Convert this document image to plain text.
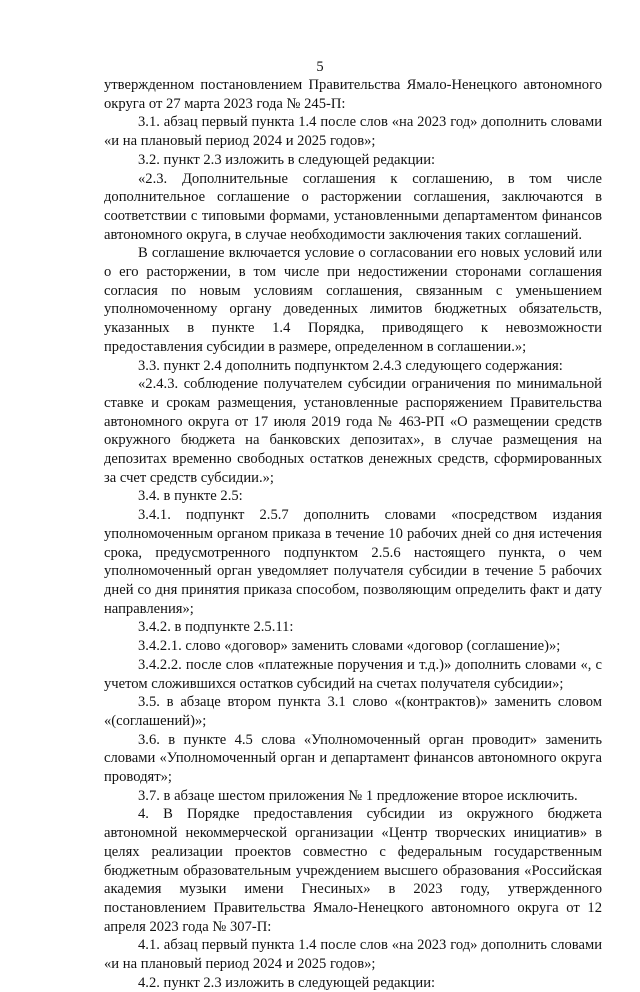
5

утвержденном постановлением Правительства Ямало-Ненецкого автономного округа от 27 марта 2023 года № 245-П:

3.1. абзац первый пункта 1.4 после слов «на 2023 год» дополнить словами «и на плановый период 2024 и 2025 годов»;

3.2. пункт 2.3 изложить в следующей редакции:

«2.3. Дополнительные соглашения к соглашению, в том числе дополнительное соглашение о расторжении соглашения, заключаются в соответствии с типовыми формами, установленными департаментом финансов автономного округа, в случае необходимости заключения таких соглашений.

В соглашение включается условие о согласовании его новых условий или о его расторжении, в том числе при недостижении сторонами соглашения согласия по новым условиям соглашения, связанным с уменьшением уполномоченному органу доведенных лимитов бюджетных обязательств, указанных в пункте 1.4 Порядка, приводящего к невозможности предоставления субсидии в размере, определенном в соглашении.»;

3.3. пункт 2.4 дополнить подпунктом 2.4.3 следующего содержания:

«2.4.3. соблюдение получателем субсидии ограничения по минимальной ставке и срокам размещения, установленные распоряжением Правительства автономного округа от 17 июля 2019 года № 463-РП «О размещении средств окружного бюджета на банковских депозитах», в случае размещения на депозитах временно свободных остатков денежных средств, сформированных за счет средств субсидии.»;

3.4. в пункте 2.5:

3.4.1. подпункт 2.5.7 дополнить словами «посредством издания уполномоченным органом приказа в течение 10 рабочих дней со дня истечения срока, предусмотренного подпунктом 2.5.6 настоящего пункта, о чем уполномоченный орган уведомляет получателя субсидии в течение 5 рабочих дней со дня принятия приказа способом, позволяющим определить факт и дату направления»;

3.4.2. в подпункте 2.5.11:

3.4.2.1. слово «договор» заменить словами «договор (соглашение)»;

3.4.2.2. после слов «платежные поручения и т.д.)» дополнить словами «, с учетом сложившихся остатков субсидий на счетах получателя субсидии»;

3.5. в абзаце втором пункта 3.1 слово «(контрактов)» заменить словом «(соглашений)»;

3.6. в пункте 4.5 слова «Уполномоченный орган проводит» заменить словами «Уполномоченный орган и департамент финансов автономного округа проводят»;

3.7. в абзаце шестом приложения № 1 предложение второе исключить.

4. В Порядке предоставления субсидии из окружного бюджета автономной некоммерческой организации «Центр творческих инициатив» в целях реализации проектов совместно с федеральным государственным бюджетным образовательным учреждением высшего образования «Российская академия музыки имени Гнесиных» в 2023 году, утвержденного постановлением Правительства Ямало-Ненецкого автономного округа от 12 апреля 2023 года № 307-П:

4.1. абзац первый пункта 1.4 после слов «на 2023 год» дополнить словами «и на плановый период 2024 и 2025 годов»;

4.2. пункт 2.3 изложить в следующей редакции:
